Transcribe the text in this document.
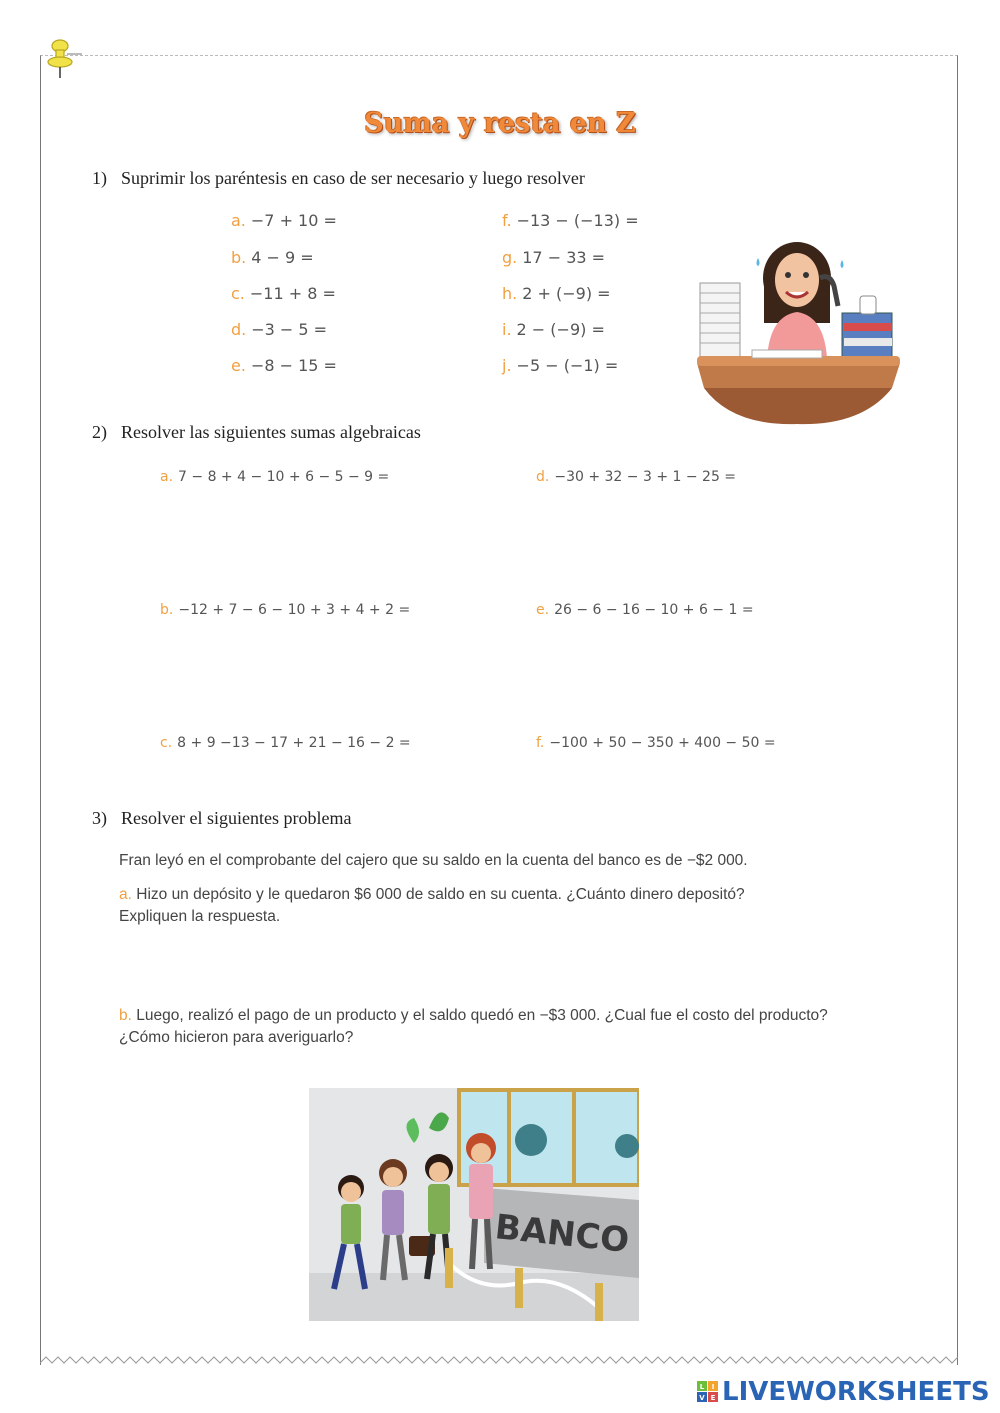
Suma y resta en Z
1) Suprimir los paréntesis en caso de ser necesario y luego resolver
a. −7 + 10 =
b. 4 − 9 =
c. −11 + 8 =
d. −3 − 5 =
e. −8 − 15 =
f. −13 − (−13) =
g. 17 − 33 =
h. 2 + (−9) =
i. 2 − (−9) =
j. −5 − (−1) =
2) Resolver las siguientes sumas algebraicas
a. 7 − 8 + 4 − 10 + 6 − 5 − 9 =
b. −12 + 7 − 6 − 10 + 3 + 4 + 2 =
c. 8 + 9 −13 − 17 + 21 − 16 − 2 =
d. −30 + 32 − 3 + 1 − 25 =
e. 26 − 6 − 16 − 10 + 6 − 1 =
f. −100 + 50 − 350 + 400 − 50 =
3) Resolver el siguientes problema
Fran leyó en el comprobante del cajero que su saldo en la cuenta del banco es de −$2 000.
a. Hizo un depósito y le quedaron $6 000 de saldo en su cuenta. ¿Cuánto dinero depositó?
Expliquen la respuesta.
b. Luego, realizó el pago de un producto y el saldo quedó en −$3 000. ¿Cual fue el costo del producto?
¿Cómo hicieron para averiguarlo?
BANCO
L I
V E LIVEWORKSHEETS
